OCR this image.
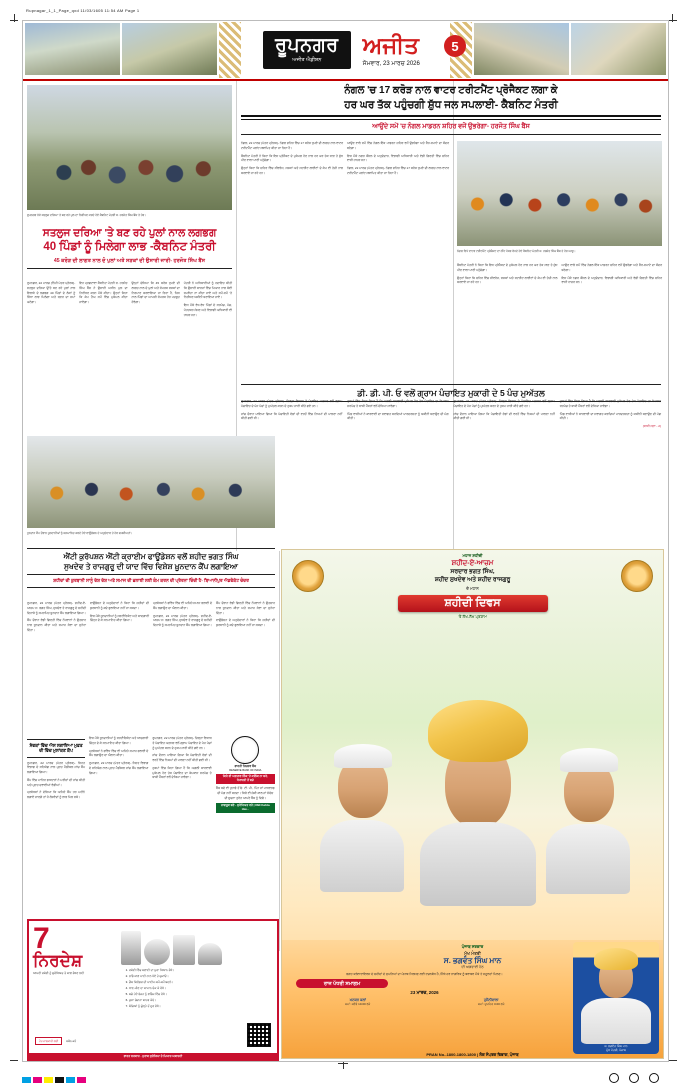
Rupnagar_1_1_Page_qxd 11/03/1605 11:54 AM Page 1
ਰੂਪਨਗਰ
ਅਜੀਤ ਐਡੀਸ਼ਨ
ਅਜੀਤ
ਸੋਮਵਾਰ, 23 ਮਾਰਚ 2026
5
ਰੂਪਨਗਰ ਨੇੜੇ ਸਤਲੁਜ ਦਰਿਆ 'ਤੇ ਬਣ ਰਹੇ ਪੁਲ ਦਾ ਨਿਰੀਖਣ ਕਰਦੇ ਹੋਏ ਕੈਬਨਿਟ ਮੰਤਰੀ ਸ. ਹਰਜੋਤ ਸਿੰਘ ਬੈਂਸ ਤੇ ਹੋਰ।
ਸਤਲੁਜ ਦਰਿਆ 'ਤੇ ਬਣ ਰਹੇ ਪੁਲਾਂ ਨਾਲ ਲਗਭਗ
40 ਪਿੰਡਾਂ ਨੂੰ ਮਿਲੇਗਾ ਲਾਭ -ਕੈਬਨਿਟ ਮੰਤਰੀ
45 ਕਰੋੜ ਦੀ ਲਾਗਤ ਨਾਲ ਦੋ ਪੁਲਾਂ ਅਤੇ ਸੜਕਾਂ ਦੀ ਉਸਾਰੀ ਜਾਰੀ- ਹਰਜੋਤ ਸਿੰਘ ਬੈਂਸ

ਰੂਪਨਗਰ, 22 ਮਾਰਚ (ਨਿੱਜੀ ਪੱਤਰ ਪ੍ਰੇਰਕ)- ਸਤਲੁਜ ਦਰਿਆ ਉੱਤੇ ਬਣ ਰਹੇ ਪੁਲਾਂ ਨਾਲ ਇਲਾਕੇ ਦੇ ਲਗਭਗ 40 ਪਿੰਡਾਂ ਦੇ ਲੋਕਾਂ ਨੂੰ ਸਿੱਧਾ ਲਾਭ ਮਿਲੇਗਾ ਅਤੇ ਸਫ਼ਰ ਦਾ ਸਮਾਂ ਘਟੇਗਾ।

ਇਹ ਪ੍ਰਗਟਾਵਾ ਕੈਬਨਿਟ ਮੰਤਰੀ ਸ. ਹਰਜੋਤ ਸਿੰਘ ਬੈਂਸ ਨੇ ਉਸਾਰੀ ਅਧੀਨ ਪੁਲ ਦਾ ਨਿਰੀਖਣ ਕਰਨ ਮੌਕੇ ਕੀਤਾ। ਉਨ੍ਹਾਂ ਕਿਹਾ ਕਿ ਕੰਮ ਤੈਅ ਸਮੇਂ ਵਿੱਚ ਮੁਕੰਮਲ ਕੀਤਾ ਜਾਵੇਗਾ।

ਉਨ੍ਹਾਂ ਦੱਸਿਆ ਕਿ 45 ਕਰੋੜ ਰੁਪਏ ਦੀ ਲਾਗਤ ਨਾਲ ਦੋ ਪੁਲਾਂ ਅਤੇ ਸੰਪਰਕ ਸੜਕਾਂ ਦਾ ਨਿਰਮਾਣ ਕਰਵਾਇਆ ਜਾ ਰਿਹਾ ਹੈ, ਜਿਸ ਨਾਲ ਪਿੰਡਾਂ ਦਾ ਆਪਸੀ ਸੰਪਰਕ ਹੋਰ ਮਜ਼ਬੂਤ ਹੋਵੇਗਾ।

ਮੰਤਰੀ ਨੇ ਅਧਿਕਾਰੀਆਂ ਨੂੰ ਹਦਾਇਤ ਕੀਤੀ ਕਿ ਉਸਾਰੀ ਕਾਰਜਾਂ ਵਿੱਚ ਮਿਆਰ ਨਾਲ ਕੋਈ ਸਮਝੌਤਾ ਨਾ ਕੀਤਾ ਜਾਵੇ ਅਤੇ ਸਮੇਂ-ਸਮੇਂ 'ਤੇ ਨਿਰੀਖਣ ਯਕੀਨੀ ਬਣਾਇਆ ਜਾਵੇ।

ਇਸ ਮੌਕੇ ਵੱਖ-ਵੱਖ ਪਿੰਡਾਂ ਦੇ ਸਰਪੰਚ, ਪੰਚ, ਮੋਹਤਬਰ ਸੱਜਣ ਅਤੇ ਵਿਭਾਗੀ ਅਧਿਕਾਰੀ ਵੀ ਹਾਜ਼ਰ ਸਨ।

ਨੰਗਲ 'ਚ 17 ਕਰੋੜ ਨਾਲ ਵਾਟਰ ਟਰੀਟਮੈਂਟ ਪ੍ਰੋਜੈਕਟ ਲਗਾ ਕੇ
ਹਰ ਘਰ ਤੱਕ ਪਹੁੰਚਗੀ ਸ਼ੁੱਧ ਜਲ ਸਪਲਾਈ- ਕੈਬਨਿਟ ਮੰਤਰੀ
ਆਉਂਦੇ ਸਮੇਂ 'ਚ ਨੰਗਲ ਮਾਡਰਨ ਸ਼ਹਿਰ ਵਜੋਂ ਉਭਰੇਗਾ- ਹਰਜੋਤ ਸਿੰਘ ਬੈਂਸ

ਨੰਗਲ, 22 ਮਾਰਚ (ਪੱਤਰ ਪ੍ਰੇਰਕ)- ਨੰਗਲ ਸ਼ਹਿਰ ਵਿੱਚ 17 ਕਰੋੜ ਰੁਪਏ ਦੀ ਲਾਗਤ ਨਾਲ ਵਾਟਰ ਟਰੀਟਮੈਂਟ ਪਲਾਂਟ ਸਥਾਪਿਤ ਕੀਤਾ ਜਾ ਰਿਹਾ ਹੈ।

ਕੈਬਨਿਟ ਮੰਤਰੀ ਨੇ ਕਿਹਾ ਕਿ ਇਸ ਪ੍ਰੋਜੈਕਟ ਦੇ ਮੁਕੰਮਲ ਹੋਣ ਨਾਲ ਹਰ ਘਰ ਤੱਕ ਸਾਫ਼ ਤੇ ਸ਼ੁੱਧ ਪੀਣ ਵਾਲਾ ਪਾਣੀ ਪਹੁੰਚੇਗਾ।

ਉਨ੍ਹਾਂ ਕਿਹਾ ਕਿ ਸ਼ਹਿਰ ਵਿੱਚ ਸੀਵਰੇਜ, ਸੜਕਾਂ ਅਤੇ ਸਟਰੀਟ ਲਾਈਟਾਂ ਦੇ ਕੰਮ ਵੀ ਤੇਜ਼ੀ ਨਾਲ ਕਰਵਾਏ ਜਾ ਰਹੇ ਹਨ।

ਆਉਣ ਵਾਲੇ ਸਮੇਂ ਵਿੱਚ ਨੰਗਲ ਇੱਕ ਮਾਡਰਨ ਸ਼ਹਿਰ ਵਜੋਂ ਉਭਰੇਗਾ ਅਤੇ ਸੈਰ-ਸਪਾਟੇ ਦਾ ਕੇਂਦਰ ਬਣੇਗਾ।

ਇਸ ਮੌਕੇ ਨਗਰ ਕੌਂਸਲ ਦੇ ਅਹੁਦੇਦਾਰ, ਵਿਭਾਗੀ ਅਧਿਕਾਰੀ ਅਤੇ ਵੱਡੀ ਗਿਣਤੀ ਵਿੱਚ ਸ਼ਹਿਰ ਵਾਸੀ ਹਾਜ਼ਰ ਸਨ।

ਨੰਗਲ, 22 ਮਾਰਚ (ਪੱਤਰ ਪ੍ਰੇਰਕ)- ਨੰਗਲ ਸ਼ਹਿਰ ਵਿੱਚ 17 ਕਰੋੜ ਰੁਪਏ ਦੀ ਲਾਗਤ ਨਾਲ ਵਾਟਰ ਟਰੀਟਮੈਂਟ ਪਲਾਂਟ ਸਥਾਪਿਤ ਕੀਤਾ ਜਾ ਰਿਹਾ ਹੈ।

ਨੰਗਲ ਵਿਖੇ ਵਾਟਰ ਟਰੀਟਮੈਂਟ ਪ੍ਰੋਜੈਕਟ ਦਾ ਨੀਂਹ ਪੱਥਰ ਰੱਖਦੇ ਹੋਏ ਕੈਬਨਿਟ ਮੰਤਰੀ ਸ. ਹਰਜੋਤ ਸਿੰਘ ਬੈਂਸ ਤੇ ਹੋਰ ਆਗੂ।

ਕੈਬਨਿਟ ਮੰਤਰੀ ਨੇ ਕਿਹਾ ਕਿ ਇਸ ਪ੍ਰੋਜੈਕਟ ਦੇ ਮੁਕੰਮਲ ਹੋਣ ਨਾਲ ਹਰ ਘਰ ਤੱਕ ਸਾਫ਼ ਤੇ ਸ਼ੁੱਧ ਪੀਣ ਵਾਲਾ ਪਾਣੀ ਪਹੁੰਚੇਗਾ।

ਉਨ੍ਹਾਂ ਕਿਹਾ ਕਿ ਸ਼ਹਿਰ ਵਿੱਚ ਸੀਵਰੇਜ, ਸੜਕਾਂ ਅਤੇ ਸਟਰੀਟ ਲਾਈਟਾਂ ਦੇ ਕੰਮ ਵੀ ਤੇਜ਼ੀ ਨਾਲ ਕਰਵਾਏ ਜਾ ਰਹੇ ਹਨ।

ਆਉਣ ਵਾਲੇ ਸਮੇਂ ਵਿੱਚ ਨੰਗਲ ਇੱਕ ਮਾਡਰਨ ਸ਼ਹਿਰ ਵਜੋਂ ਉਭਰੇਗਾ ਅਤੇ ਸੈਰ-ਸਪਾਟੇ ਦਾ ਕੇਂਦਰ ਬਣੇਗਾ।

ਇਸ ਮੌਕੇ ਨਗਰ ਕੌਂਸਲ ਦੇ ਅਹੁਦੇਦਾਰ, ਵਿਭਾਗੀ ਅਧਿਕਾਰੀ ਅਤੇ ਵੱਡੀ ਗਿਣਤੀ ਵਿੱਚ ਸ਼ਹਿਰ ਵਾਸੀ ਹਾਜ਼ਰ ਸਨ।

ਡੀ. ਡੀ. ਪੀ. ਓ ਵਲੋਂ ਗ੍ਰਾਮ ਪੰਚਾਇਤ ਮੁਕਾਰੀ ਦੇ 5 ਪੰਚ ਮੁਅੱਤਲ

ਰੂਪਨਗਰ, 22 ਮਾਰਚ (ਪੱਤਰ ਪ੍ਰੇਰਕ)- ਜ਼ਿਲ੍ਹਾ ਵਿਕਾਸ ਤੇ ਪੰਚਾਇਤ ਅਫ਼ਸਰ ਵਲੋਂ ਗ੍ਰਾਮ ਪੰਚਾਇਤ ਦੇ ਪੰਜ ਪੰਚਾਂ ਨੂੰ ਮੁਅੱਤਲ ਕਰਨ ਦੇ ਹੁਕਮ ਜਾਰੀ ਕੀਤੇ ਗਏ ਹਨ।

ਜਾਂਚ ਦੌਰਾਨ ਪਾਇਆ ਗਿਆ ਕਿ ਪੰਚਾਇਤੀ ਫੰਡਾਂ ਦੀ ਵਰਤੋਂ ਵਿੱਚ ਨਿਯਮਾਂ ਦੀ ਪਾਲਣਾ ਨਹੀਂ ਕੀਤੀ ਗਈ ਸੀ।

ਹੁਕਮਾਂ ਵਿੱਚ ਕਿਹਾ ਗਿਆ ਹੈ ਕਿ ਅਗਲੀ ਕਾਰਵਾਈ ਮੁਕੰਮਲ ਹੋਣ ਤੱਕ ਪੰਚਾਇਤ ਦਾ ਕੰਮਕਾਜ ਸਰਪੰਚ ਤੇ ਬਾਕੀ ਮੈਂਬਰਾਂ ਵਲੋਂ ਦੇਖਿਆ ਜਾਵੇਗਾ।

ਪਿੰਡ ਵਾਸੀਆਂ ਨੇ ਕਾਰਵਾਈ ਦਾ ਸਵਾਗਤ ਕਰਦਿਆਂ ਪਾਰਦਰਸ਼ਤਾ ਨੂੰ ਯਕੀਨੀ ਬਣਾਉਣ ਦੀ ਮੰਗ ਕੀਤੀ।

ਰੂਪਨਗਰ, 22 ਮਾਰਚ (ਪੱਤਰ ਪ੍ਰੇਰਕ)- ਜ਼ਿਲ੍ਹਾ ਵਿਕਾਸ ਤੇ ਪੰਚਾਇਤ ਅਫ਼ਸਰ ਵਲੋਂ ਗ੍ਰਾਮ ਪੰਚਾਇਤ ਦੇ ਪੰਜ ਪੰਚਾਂ ਨੂੰ ਮੁਅੱਤਲ ਕਰਨ ਦੇ ਹੁਕਮ ਜਾਰੀ ਕੀਤੇ ਗਏ ਹਨ।

ਜਾਂਚ ਦੌਰਾਨ ਪਾਇਆ ਗਿਆ ਕਿ ਪੰਚਾਇਤੀ ਫੰਡਾਂ ਦੀ ਵਰਤੋਂ ਵਿੱਚ ਨਿਯਮਾਂ ਦੀ ਪਾਲਣਾ ਨਹੀਂ ਕੀਤੀ ਗਈ ਸੀ।

ਹੁਕਮਾਂ ਵਿੱਚ ਕਿਹਾ ਗਿਆ ਹੈ ਕਿ ਅਗਲੀ ਕਾਰਵਾਈ ਮੁਕੰਮਲ ਹੋਣ ਤੱਕ ਪੰਚਾਇਤ ਦਾ ਕੰਮਕਾਜ ਸਰਪੰਚ ਤੇ ਬਾਕੀ ਮੈਂਬਰਾਂ ਵਲੋਂ ਦੇਖਿਆ ਜਾਵੇਗਾ।

ਪਿੰਡ ਵਾਸੀਆਂ ਨੇ ਕਾਰਵਾਈ ਦਾ ਸਵਾਗਤ ਕਰਦਿਆਂ ਪਾਰਦਰਸ਼ਤਾ ਨੂੰ ਯਕੀਨੀ ਬਣਾਉਣ ਦੀ ਮੰਗ ਕੀਤੀ।

(ਬਾਕੀ ਸਫ਼ਾ - 2)

ਖ਼ੂਨਦਾਨ ਕੈਂਪ ਦੌਰਾਨ ਖ਼ੂਨਦਾਨੀਆਂ ਨੂੰ ਸਨਮਾਨਿਤ ਕਰਦੇ ਹੋਏ ਫਾਊਂਡੇਸ਼ਨ ਦੇ ਅਹੁਦੇਦਾਰ ਤੇ ਹੋਰ ਸ਼ਖ਼ਸੀਅਤਾਂ।
ਐਂਟੀ ਕੁਰੱਪਸ਼ਨ ਐਂਟੀ ਕ੍ਰਾਈਮ ਫਾਊਂਡੇਸ਼ਨ ਵਲੋਂ ਸ਼ਹੀਦ ਭਗਤ ਸਿੰਘ
ਸੁਖਦੇਵ ਤੇ ਰਾਜਗੁਰੂ ਦੀ ਯਾਦ ਵਿੱਚ ਵਿਸ਼ੇਸ਼ ਖ਼ੂਨਦਾਨ ਕੈਂਪ ਲਗਾਇਆ
ਸ਼ਹੀਦਾਂ ਦੀ ਕੁਰਬਾਨੀ ਸਾਨੂੰ ਦੇਸ਼ ਦੇਸ਼ ਅਤੇ ਸਮਾਜ ਦੀ ਭਲਾਈ ਲਈ ਕੰਮ ਕਰਨ ਦੀ ਪ੍ਰੇਰਨਾ ਦਿੰਦੀ ਹੈ- ਬਿਆਨੀਪੁਰ ਐਡਵੋਕੇਟ ਚੰਦਰ

ਰੂਪਨਗਰ, 22 ਮਾਰਚ (ਪੱਤਰ ਪ੍ਰੇਰਕ)- ਸ਼ਹੀਦ-ਏ-ਆਜ਼ਮ ਸ. ਭਗਤ ਸਿੰਘ, ਸੁਖਦੇਵ ਤੇ ਰਾਜਗੁਰੂ ਦੇ ਸ਼ਹੀਦੀ ਦਿਹਾੜੇ ਨੂੰ ਸਮਰਪਿਤ ਖ਼ੂਨਦਾਨ ਕੈਂਪ ਲਗਾਇਆ ਗਿਆ।

ਕੈਂਪ ਦੌਰਾਨ ਵੱਡੀ ਗਿਣਤੀ ਵਿੱਚ ਨੌਜਵਾਨਾਂ ਨੇ ਉਤਸ਼ਾਹ ਨਾਲ ਖ਼ੂਨਦਾਨ ਕੀਤਾ ਅਤੇ ਸਮਾਜ ਸੇਵਾ ਦਾ ਸੁਨੇਹਾ ਦਿੱਤਾ।

ਫਾਊਂਡੇਸ਼ਨ ਦੇ ਅਹੁਦੇਦਾਰਾਂ ਨੇ ਕਿਹਾ ਕਿ ਸ਼ਹੀਦਾਂ ਦੀ ਕੁਰਬਾਨੀ ਨੂੰ ਕਦੇ ਭੁਲਾਇਆ ਨਹੀਂ ਜਾ ਸਕਦਾ।

ਇਸ ਮੌਕੇ ਖ਼ੂਨਦਾਨੀਆਂ ਨੂੰ ਸਰਟੀਫਿਕੇਟ ਅਤੇ ਯਾਦਗਾਰੀ ਚਿੰਨ੍ਹ ਦੇ ਕੇ ਸਨਮਾਨਿਤ ਕੀਤਾ ਗਿਆ।

ਪ੍ਰਬੰਧਕਾਂ ਨੇ ਭਵਿੱਖ ਵਿੱਚ ਵੀ ਅਜਿਹੇ ਸਮਾਜ ਭਲਾਈ ਦੇ ਕੈਂਪ ਲਗਾਉਣ ਦਾ ਐਲਾਨ ਕੀਤਾ।

ਰੂਪਨਗਰ, 22 ਮਾਰਚ (ਪੱਤਰ ਪ੍ਰੇਰਕ)- ਸ਼ਹੀਦ-ਏ-ਆਜ਼ਮ ਸ. ਭਗਤ ਸਿੰਘ, ਸੁਖਦੇਵ ਤੇ ਰਾਜਗੁਰੂ ਦੇ ਸ਼ਹੀਦੀ ਦਿਹਾੜੇ ਨੂੰ ਸਮਰਪਿਤ ਖ਼ੂਨਦਾਨ ਕੈਂਪ ਲਗਾਇਆ ਗਿਆ।

ਕੈਂਪ ਦੌਰਾਨ ਵੱਡੀ ਗਿਣਤੀ ਵਿੱਚ ਨੌਜਵਾਨਾਂ ਨੇ ਉਤਸ਼ਾਹ ਨਾਲ ਖ਼ੂਨਦਾਨ ਕੀਤਾ ਅਤੇ ਸਮਾਜ ਸੇਵਾ ਦਾ ਸੁਨੇਹਾ ਦਿੱਤਾ।

ਫਾਊਂਡੇਸ਼ਨ ਦੇ ਅਹੁਦੇਦਾਰਾਂ ਨੇ ਕਿਹਾ ਕਿ ਸ਼ਹੀਦਾਂ ਦੀ ਕੁਰਬਾਨੀ ਨੂੰ ਕਦੇ ਭੁਲਾਇਆ ਨਹੀਂ ਜਾ ਸਕਦਾ।

ਸੇਵਕਾਂ ਵਿੱਚ ਐਸ ਲਗਾਇਆ ਮੁਫ਼ਤ ਦੀ ਵਿੱਚ ਮੁਲਾਂਕਣ ਕੈਂਪ

ਰੂਪਨਗਰ, 22 ਮਾਰਚ (ਪੱਤਰ ਪ੍ਰੇਰਕ)- ਸਿਹਤ ਵਿਭਾਗ ਦੇ ਸਹਿਯੋਗ ਨਾਲ ਮੁਫ਼ਤ ਮੈਡੀਕਲ ਜਾਂਚ ਕੈਂਪ ਲਗਾਇਆ ਗਿਆ।

ਕੈਂਪ ਵਿੱਚ ਮਾਹਿਰ ਡਾਕਟਰਾਂ ਨੇ ਮਰੀਜ਼ਾਂ ਦੀ ਜਾਂਚ ਕੀਤੀ ਅਤੇ ਮੁਫ਼ਤ ਦਵਾਈਆਂ ਵੰਡੀਆਂ।

ਪ੍ਰਬੰਧਕਾਂ ਨੇ ਦੱਸਿਆ ਕਿ ਅਜਿਹੇ ਕੈਂਪ ਹਰ ਮਹੀਨੇ ਲਗਾਏ ਜਾਣਗੇ ਤਾਂ ਜੋ ਲੋੜਵੰਦਾਂ ਨੂੰ ਲਾਭ ਮਿਲ ਸਕੇ।

ਇਸ ਮੌਕੇ ਖ਼ੂਨਦਾਨੀਆਂ ਨੂੰ ਸਰਟੀਫਿਕੇਟ ਅਤੇ ਯਾਦਗਾਰੀ ਚਿੰਨ੍ਹ ਦੇ ਕੇ ਸਨਮਾਨਿਤ ਕੀਤਾ ਗਿਆ।

ਪ੍ਰਬੰਧਕਾਂ ਨੇ ਭਵਿੱਖ ਵਿੱਚ ਵੀ ਅਜਿਹੇ ਸਮਾਜ ਭਲਾਈ ਦੇ ਕੈਂਪ ਲਗਾਉਣ ਦਾ ਐਲਾਨ ਕੀਤਾ।

ਰੂਪਨਗਰ, 22 ਮਾਰਚ (ਪੱਤਰ ਪ੍ਰੇਰਕ)- ਸਿਹਤ ਵਿਭਾਗ ਦੇ ਸਹਿਯੋਗ ਨਾਲ ਮੁਫ਼ਤ ਮੈਡੀਕਲ ਜਾਂਚ ਕੈਂਪ ਲਗਾਇਆ ਗਿਆ।

ਰੂਪਨਗਰ, 22 ਮਾਰਚ (ਪੱਤਰ ਪ੍ਰੇਰਕ)- ਜ਼ਿਲ੍ਹਾ ਵਿਕਾਸ ਤੇ ਪੰਚਾਇਤ ਅਫ਼ਸਰ ਵਲੋਂ ਗ੍ਰਾਮ ਪੰਚਾਇਤ ਦੇ ਪੰਜ ਪੰਚਾਂ ਨੂੰ ਮੁਅੱਤਲ ਕਰਨ ਦੇ ਹੁਕਮ ਜਾਰੀ ਕੀਤੇ ਗਏ ਹਨ।

ਜਾਂਚ ਦੌਰਾਨ ਪਾਇਆ ਗਿਆ ਕਿ ਪੰਚਾਇਤੀ ਫੰਡਾਂ ਦੀ ਵਰਤੋਂ ਵਿੱਚ ਨਿਯਮਾਂ ਦੀ ਪਾਲਣਾ ਨਹੀਂ ਕੀਤੀ ਗਈ ਸੀ।

ਹੁਕਮਾਂ ਵਿੱਚ ਕਿਹਾ ਗਿਆ ਹੈ ਕਿ ਅਗਲੀ ਕਾਰਵਾਈ ਮੁਕੰਮਲ ਹੋਣ ਤੱਕ ਪੰਚਾਇਤ ਦਾ ਕੰਮਕਾਜ ਸਰਪੰਚ ਤੇ ਬਾਕੀ ਮੈਂਬਰਾਂ ਵਲੋਂ ਦੇਖਿਆ ਜਾਵੇਗਾ।

ਭਾਰਤੀ ਰਿਜ਼ਰਵ ਬੈਂਕ
RESERVE BANK OF INDIA
ਕਿਸੇ ਵੀ ਅਣਜਾਣ ਲਿੰਕ 'ਤੇ ਕਲਿੱਕ ਨਾ ਕਰੋ, ਧੋਖਾਧੜੀ ਤੋਂ ਬਚੋ

ਬੈਂਕ ਕਦੇ ਵੀ ਤੁਹਾਡੇ ਤੋਂ ਓ. ਟੀ. ਪੀ., ਪਿੰਨ ਜਾਂ ਪਾਸਵਰਡ ਦੀ ਮੰਗ ਨਹੀਂ ਕਰਦਾ। ਕਿਸੇ ਵੀ ਸ਼ੱਕੀ ਕਾਲ ਜਾਂ ਸੰਦੇਸ਼ ਦੀ ਸੂਚਨਾ ਤੁਰੰਤ ਆਪਣੇ ਬੈਂਕ ਨੂੰ ਦਿਓ।

ਜਾਗਰੂਕ ਬਣੋ - ਸੁਰੱਖਿਅਤ ਰਹੋ | RBI Kehta Hai...
7
ਨਿਰਦੇਸ਼
ਆਪਣੀ ਰਸੋਈ ਨੂੰ ਸੁਰੱਖਿਅਤ ਤੇ ਸਾਫ਼ ਰੱਖਣ ਲਈ
1. ਰਸੋਈ ਵਿੱਚ ਸਫ਼ਾਈ ਦਾ ਪੂਰਾ ਧਿਆਨ ਰੱਖੋ।
2. ਭਾਂਡੇ ਸਾਫ਼ ਪਾਣੀ ਨਾਲ ਧੋਵੋ ਤੇ ਸੁਕਾਓ।
3. ਗੈਸ ਸਿਲੰਡਰ ਦੀ ਪਾਈਪ ਸਮੇਂ-ਸਮੇਂ ਬਦਲੋ।
4. ਖਾਣ-ਪੀਣ ਦਾ ਸਾਮਾਨ ਢੱਕ ਕੇ ਰੱਖੋ।
5. ਬਚੇ ਹੋਏ ਭੋਜਨ ਨੂੰ ਫਰਿੱਜ ਵਿੱਚ ਰੱਖੋ।
6. ਕੂੜਾ ਰੋਜ਼ਾਨਾ ਬਾਹਰ ਕੱਢੋ।
7. ਬੱਚਿਆਂ ਨੂੰ ਚੁੱਲ੍ਹੇ ਤੋਂ ਦੂਰ ਰੱਖੋ।
ਹੋਰ ਜਾਣਕਾਰੀ ਲਈ	ਸਕੈਨ ਕਰੋ
ਭਾਰਤ ਸਰਕਾਰ - ਖ਼ੁਰਾਕ ਸੁਰੱਖਿਆ ਤੇ ਮਿਆਰ ਅਥਾਰਟੀ
ਮਹਾਨ ਸ਼ਹੀਦੀ
ਸ਼ਹੀਦ-ਏ-ਆਜ਼ਮ
ਸਰਦਾਰ ਭਗਤ ਸਿੰਘ,
ਸ਼ਹੀਦ ਸੁਖਦੇਵ ਅਤੇ ਸ਼ਹੀਦ ਰਾਜਗੁਰੂ
ਦੇ ਮਹਾਨ
ਸ਼ਹੀਦੀ ਦਿਵਸ
'ਤੇ ਲੱਖ-ਲੱਖ ਪ੍ਰਣਾਮ
ਪੰਜਾਬ ਸਰਕਾਰ
ਮੁੱਖ ਮੰਤਰੀ
ਸ. ਭਗਵੰਤ ਸਿੰਘ ਮਾਨ
ਦੀ ਅਗਵਾਈ ਹੇਠ
ਭਗਤ ਕਰੋਨਾਵਾਇਰਸ ਦੇ ਸ਼ਹੀਦਾਂ ਦੇ ਸੁਪਨਿਆਂ ਦਾ ਪੰਜਾਬ ਸਿਰਜਣ ਲਈ ਵਚਨਬੱਧ ਹੈ, ਜਿੱਥੇ ਹਰ ਨਾਗਰਿਕ ਨੂੰ ਬਰਾਬਰ ਮੌਕੇ ਤੇ ਸਹੂਲਤਾਂ ਮਿਲਣ।
ਰਾਜ ਪੱਧਰੀ ਸਮਾਗਮ
23 ਮਾਰਚ, 2026
ਖਟਕੜ ਕਲਾਂ
ਸਮਾਂ: ਸਵੇਰੇ 10.00 ਵਜੇ
ਹੁਸੈਨੀਵਾਲਾ
ਸਮਾਂ: ਦੁਪਹਿਰ 3.00 ਵਜੇ
ਸ. ਭਗਵੰਤ ਸਿੰਘ ਮਾਨ
ਮੁੱਖ ਮੰਤਰੀ, ਪੰਜਾਬ
PRAN No.-1800-1800-1800 | ਲੋਕ ਸੰਪਰਕ ਵਿਭਾਗ, ਪੰਜਾਬ
